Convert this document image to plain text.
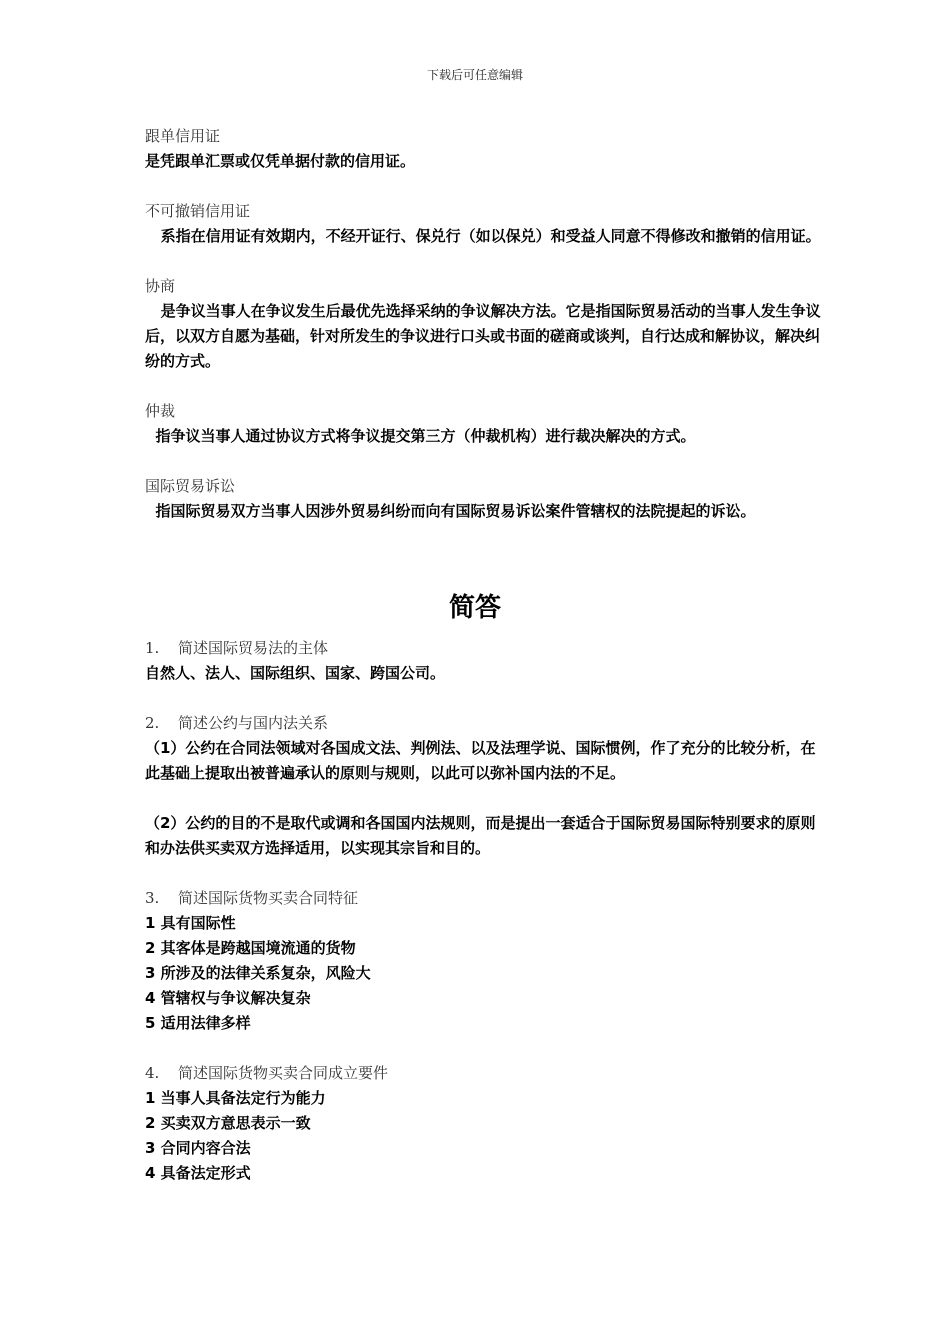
下载后可任意编辑
跟单信用证
是凭跟单汇票或仅凭单据付款的信用证。
不可撤销信用证
系指在信用证有效期内，不经开证行、保兑行（如以保兑）和受益人同意不得修改和撤销的信用证。
协商
是争议当事人在争议发生后最优先选择采纳的争议解决方法。它是指国际贸易活动的当事人发生争议后，以双方自愿为基础，针对所发生的争议进行口头或书面的磋商或谈判，自行达成和解协议，解决纠纷的方式。
仲裁
指争议当事人通过协议方式将争议提交第三方（仲裁机构）进行裁决解决的方式。
国际贸易诉讼
指国际贸易双方当事人因涉外贸易纠纷而向有国际贸易诉讼案件管辖权的法院提起的诉讼。
简答
1. 简述国际贸易法的主体
自然人、法人、国际组织、国家、跨国公司。
2. 简述公约与国内法关系
（1）公约在合同法领域对各国成文法、判例法、以及法理学说、国际惯例，作了充分的比较分析，在此基础上提取出被普遍承认的原则与规则，以此可以弥补国内法的不足。
（2）公约的目的不是取代或调和各国国内法规则，而是提出一套适合于国际贸易国际特别要求的原则和办法供买卖双方选择适用，以实现其宗旨和目的。
3. 简述国际货物买卖合同特征
1 具有国际性
2 其客体是跨越国境流通的货物
3 所涉及的法律关系复杂，风险大
4 管辖权与争议解决复杂
5 适用法律多样
4. 简述国际货物买卖合同成立要件
1 当事人具备法定行为能力
2 买卖双方意思表示一致
3 合同内容合法
4 具备法定形式
